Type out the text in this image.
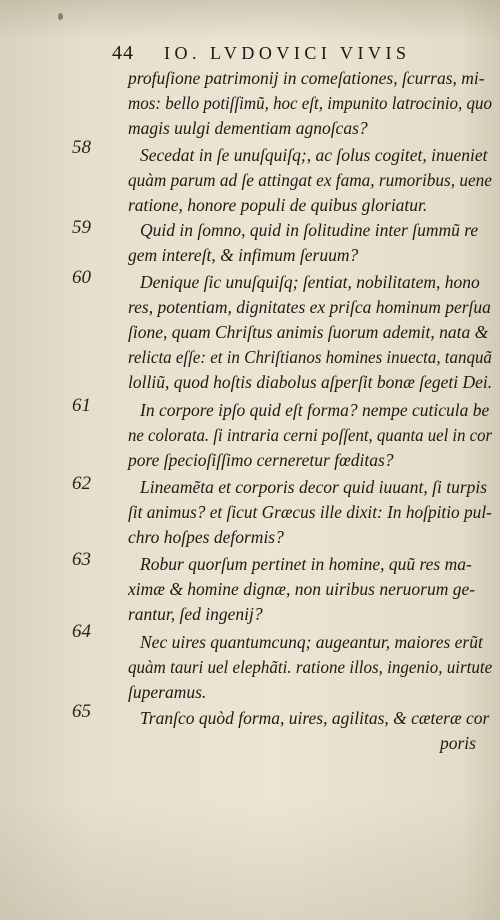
44 IO. LVDOVICI VIVIS
58
59
60
61
62
63
64
65
profuſione patrimonij in comeſationes, ſcurras, mi-
mos: bello potiſſimũ, hoc eſt, impunito latrocinio, quo
magis uulgi dementiam agnoſcas?
Secedat in ſe unuſquiſq;, ac ſolus cogitet, inueniet
quàm parum ad ſe attingat ex fama, rumoribus, uene
ratione, honore populi de quibus gloriatur.
Quid in ſomno, quid in ſolitudine inter ſummũ re
gem intereſt, & infimum ſeruum?
Denique ſic unuſquiſq; ſentiat, nobilitatem, hono
res, potentiam, dignitates ex priſca hominum perſua
ſione, quam Chriſtus animis ſuorum ademit, nata &
relicta eſſe: et in Chriſtianos homines inuecta, tanquã
lolliũ, quod hoſtis diabolus aſperſit bonæ ſegeti Dei.
In corpore ipſo quid eſt forma? nempe cuticula be
ne colorata. ſi intraria cerni poſſent, quanta uel in cor
pore ſpecioſiſſimo cerneretur fœditas?
Lineamẽta et corporis decor quid iuuant, ſi turpis
ſit animus? et ſicut Græcus ille dixit: In hoſpitio pul-
chro hoſpes deformis?
Robur quorſum pertinet in homine, quũ res ma-
ximæ & homine dignæ, non uiribus neruorum ge-
rantur, ſed ingenij?
Nec uires quantumcunq; augeantur, maiores erũt
quàm tauri uel elephãti. ratione illos, ingenio, uirtute
ſuperamus.
Tranſco quòd forma, uires, agilitas, & cæteræ cor
poris
